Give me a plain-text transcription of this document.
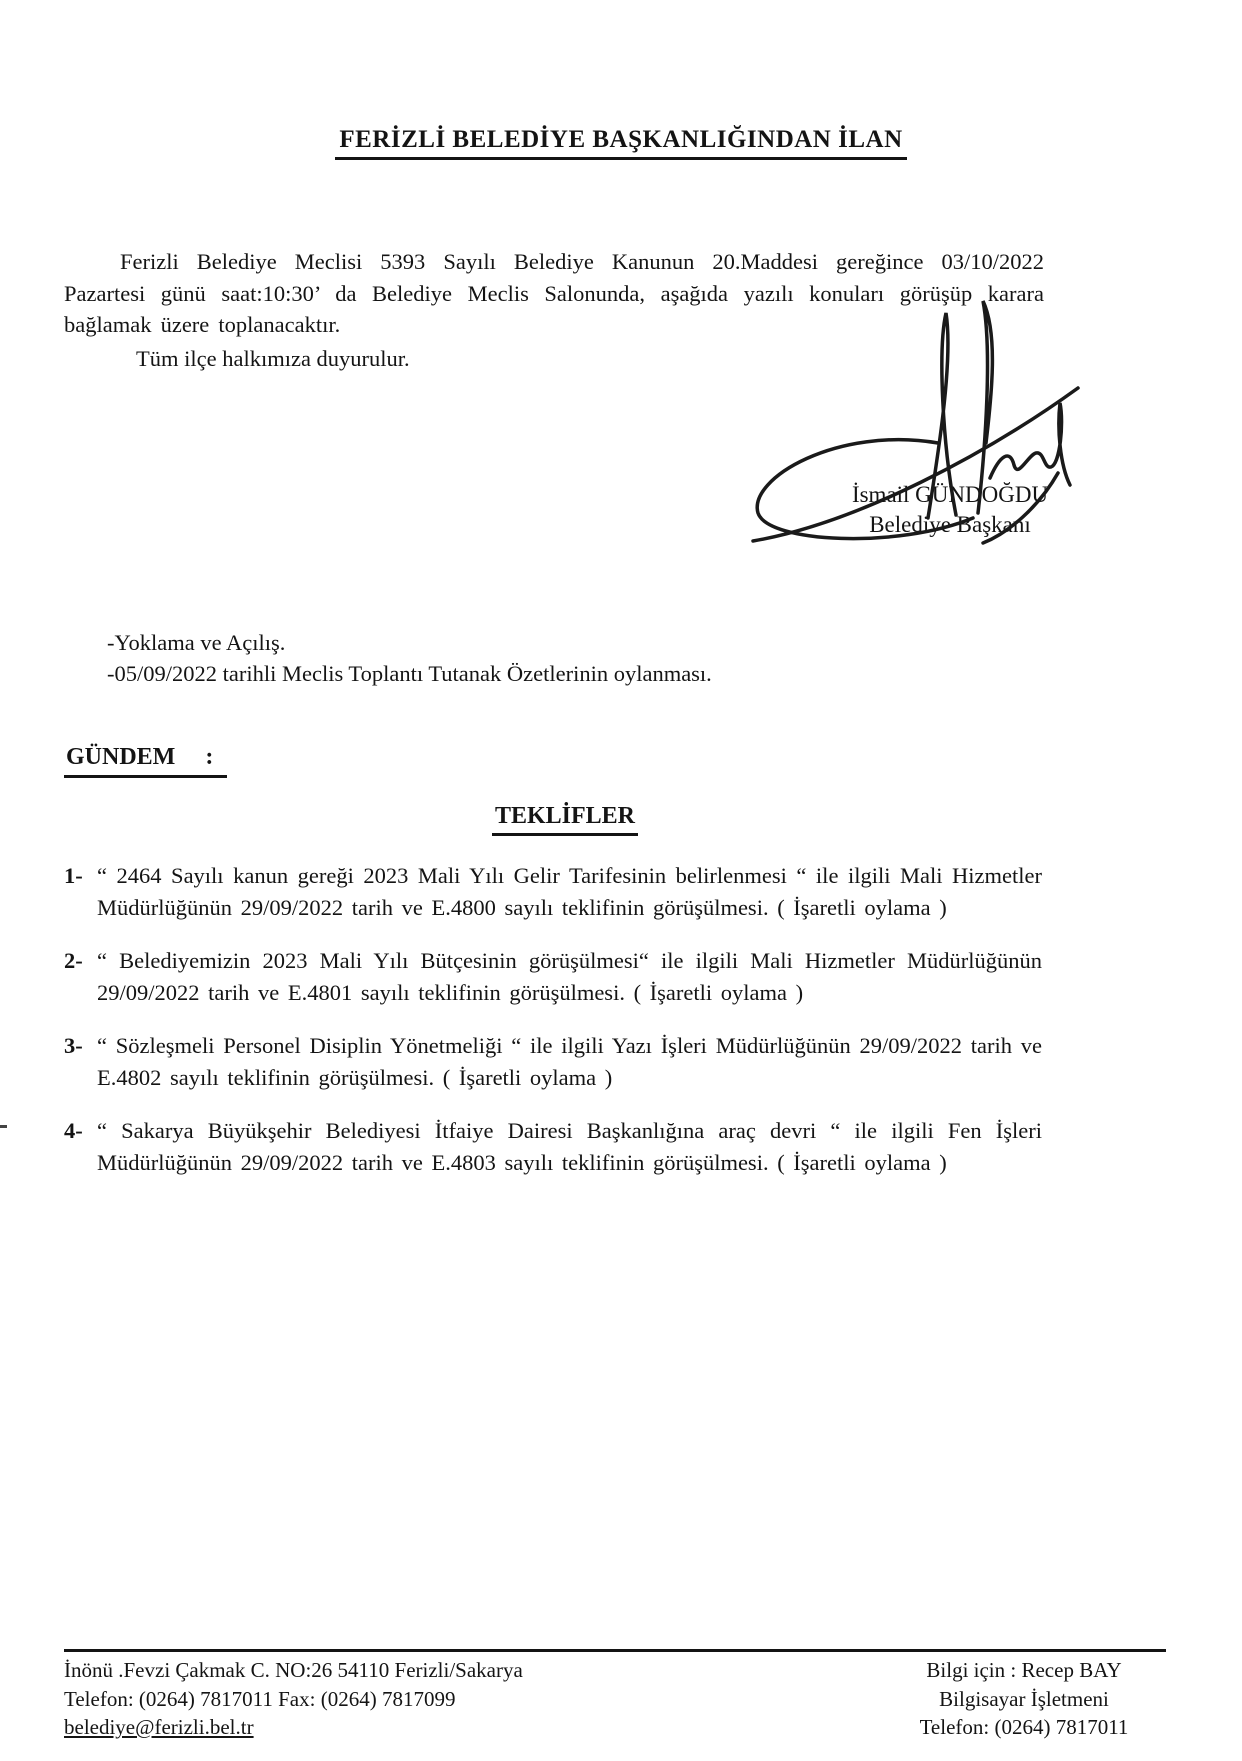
FERİZLİ BELEDİYE BAŞKANLIĞINDAN İLAN

Ferizli Belediye Meclisi 5393 Sayılı Belediye Kanunun 20.Maddesi gereğince 03/10/2022 Pazartesi günü saat:10:30’ da Belediye Meclis Salonunda, aşağıda yazılı konuları görüşüp karara bağlamak üzere toplanacaktır.

Tüm ilçe halkımıza duyurulur.

İsmail GÜNDOĞDU
Belediye Başkanı
-Yoklama ve Açılış.
-05/09/2022 tarihli Meclis Toplantı Tutanak Özetlerinin oylanması.
GÜNDEM :
TEKLİFLER
1- “ 2464 Sayılı kanun gereği 2023 Mali Yılı Gelir Tarifesinin belirlenmesi “ ile ilgili Mali Hizmetler Müdürlüğünün 29/09/2022 tarih ve E.4800 sayılı teklifinin görüşülmesi. ( İşaretli oylama )

2- “ Belediyemizin 2023 Mali Yılı Bütçesinin görüşülmesi“ ile ilgili Mali Hizmetler Müdürlüğünün 29/09/2022 tarih ve E.4801 sayılı teklifinin görüşülmesi. ( İşaretli oylama )

3- “ Sözleşmeli Personel Disiplin Yönetmeliği “ ile ilgili Yazı İşleri Müdürlüğünün 29/09/2022 tarih ve E.4802 sayılı teklifinin görüşülmesi. ( İşaretli oylama )

4- “ Sakarya Büyükşehir Belediyesi İtfaiye Dairesi Başkanlığına araç devri “ ile ilgili Fen İşleri Müdürlüğünün 29/09/2022 tarih ve E.4803 sayılı teklifinin görüşülmesi. ( İşaretli oylama )

İnönü .Fevzi Çakmak C. NO:26 54110 Ferizli/Sakarya
Telefon: (0264) 7817011 Fax: (0264) 7817099
belediye@ferizli.bel.tr
Bilgi için : Recep BAY
Bilgisayar İşletmeni
Telefon: (0264) 7817011
